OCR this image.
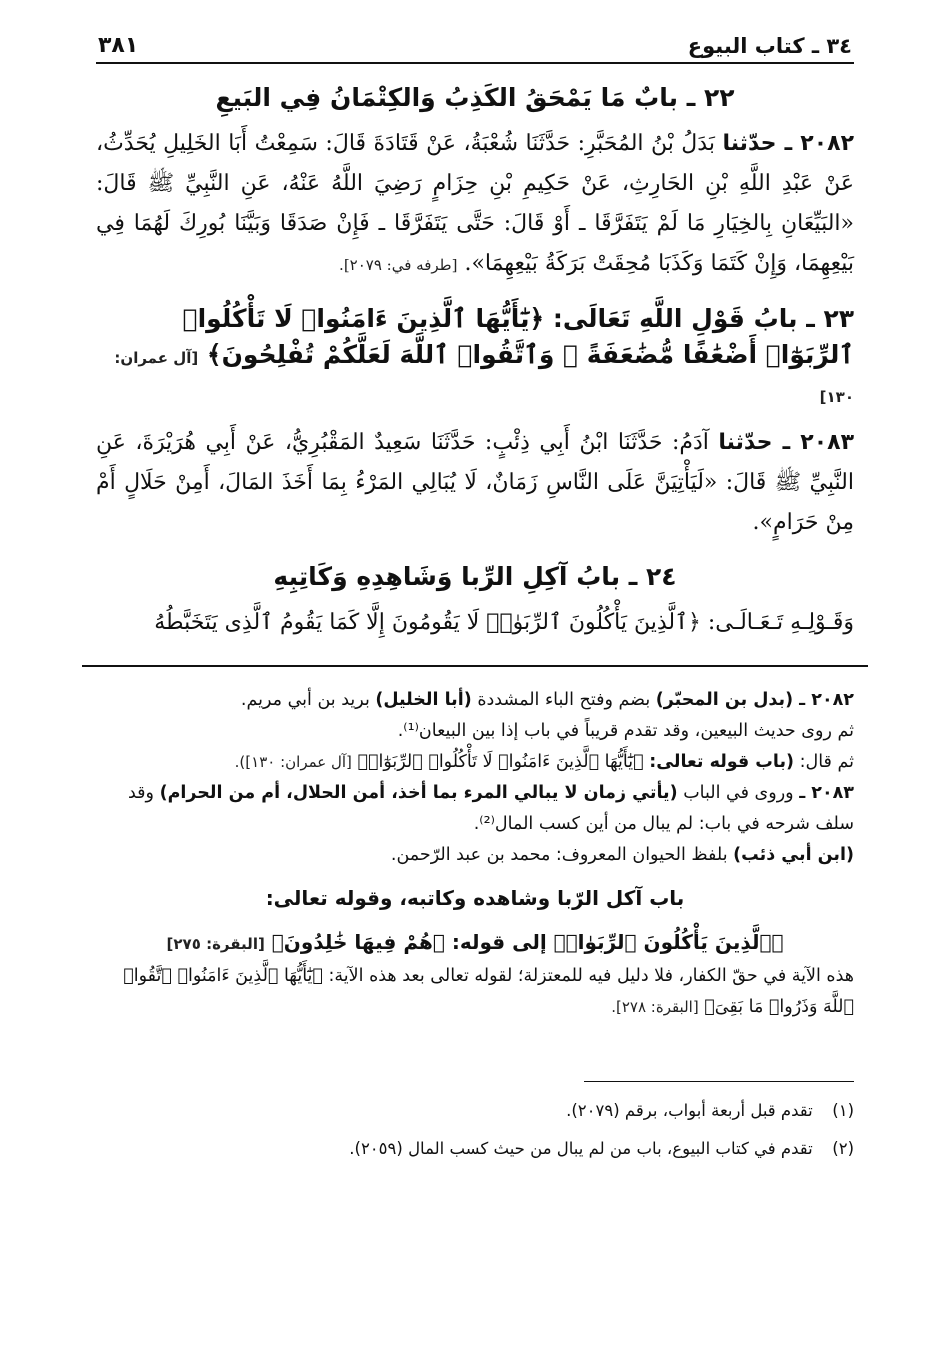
٣٤ ـ كتاب البيوع
٣٨١
٢٢ ـ بابٌ مَا يَمْحَقُ الكَذِبُ وَالكِتْمَانُ فِي البَيعِ

٢٠٨٢ ـ حدّثنا بَدَلُ بْنُ المُحَبَّرِ: حَدَّثَنَا شُعْبَةُ، عَنْ قَتَادَةَ قَالَ: سَمِعْتُ أَبَا الخَلِيلِ يُحَدِّثُ، عَنْ عَبْدِ اللَّهِ بْنِ الحَارِثِ، عَنْ حَكِيمِ بْنِ حِزَامٍ رَضِيَ اللَّهُ عَنْهُ، عَنِ النَّبِيِّ ﷺ قَالَ: «البَيِّعَانِ بِالخِيَارِ مَا لَمْ يَتَفَرَّقَا ـ أَوْ قَالَ: حَتَّى يَتَفَرَّقَا ـ فَإِنْ صَدَقَا وَبَيَّنَا بُورِكَ لَهُمَا فِي بَيْعِهِمَا، وَإِنْ كَتَمَا وَكَذَبَا مُحِقَتْ بَرَكَةُ بَيْعِهِمَا». [طرفه في: ٢٠٧٩].

٢٣ ـ بابُ قَوْلِ اللَّهِ تَعَالَى: ﴿يَٰٓأَيُّهَا ٱلَّذِينَ ءَامَنُوا۟ لَا تَأْكُلُوا۟ ٱلرِّبَوٰٓا۟ أَضْعَٰفًا مُّضَٰعَفَةً ۖ وَٱتَّقُوا۟ ٱللَّهَ لَعَلَّكُمْ تُفْلِحُونَ﴾ [آل عمران: ١٣٠]

٢٠٨٣ ـ حدّثنا آدَمُ: حَدَّثَنَا ابْنُ أَبِي ذِئْبٍ: حَدَّثَنَا سَعِيدٌ المَقْبُرِيُّ، عَنْ أَبِي هُرَيْرَةَ، عَنِ النَّبِيِّ ﷺ قَالَ: «لَيَأْتِيَنَّ عَلَى النَّاسِ زَمَانٌ، لَا يُبَالِي المَرْءُ بِمَا أَخَذَ المَالَ، أَمِنْ حَلَالٍ أَمْ مِنْ حَرَامٍ».

٢٤ ـ بابُ آكِلِ الرِّبا وَشَاهِدِهِ وَكَاتِبِهِ

وَقَـوْلِـهِ تَـعَـالَـى: ﴿ٱلَّذِينَ يَأْكُلُونَ ٱلرِّبَوٰا۟ لَا يَقُومُونَ إِلَّا كَمَا يَقُومُ ٱلَّذِى يَتَخَبَّطُهُ

٢٠٨٢ ـ (بدل بن المحبّر) بضم وفتح الباء المشددة (أبا الخليل) بريد بن أبي مريم.

ثم روى حديث البيعين، وقد تقدم قريباً في باب إذا بين البيعان⁽¹⁾.

ثم قال: (باب قوله تعالى: ﴿يَٰٓأَيُّهَا ٱلَّذِينَ ءَامَنُوا۟ لَا تَأْكُلُوا۟ ٱلرِّبَوٰٓا۟﴾ [آل عمران: ١٣٠]).

٢٠٨٣ ـ وروى في الباب (يأتي زمان لا يبالي المرء بما أخذ، أمن الحلال، أم من الحرام) وقد سلف شرحه في باب: لم يبال من أين كسب المال⁽²⁾.

(ابن أبي ذئب) بلفظ الحيوان المعروف: محمد بن عبد الرّحمن.

باب آكل الرّبا وشاهده وكاتبه، وقوله تعالى:
﴿ٱلَّذِينَ يَأْكُلُونَ ٱلرِّبَوٰا۟﴾ إلى قوله: ﴿هُمْ فِيهَا خَٰلِدُونَ﴾ [البقرة: ٢٧٥]

هذه الآية في حقّ الكفار، فلا دليل فيه للمعتزلة؛ لقوله تعالى بعد هذه الآية: ﴿يَٰٓأَيُّهَا ٱلَّذِينَ ءَامَنُوا۟ ٱتَّقُوا۟ ٱللَّهَ وَذَرُوا۟ مَا بَقِىَ﴾ [البقرة: ٢٧٨].

(١) تقدم قبل أربعة أبواب، برقم (٢٠٧٩).

(٢) تقدم في كتاب البيوع، باب من لم يبال من حيث كسب المال (٢٠٥٩).
